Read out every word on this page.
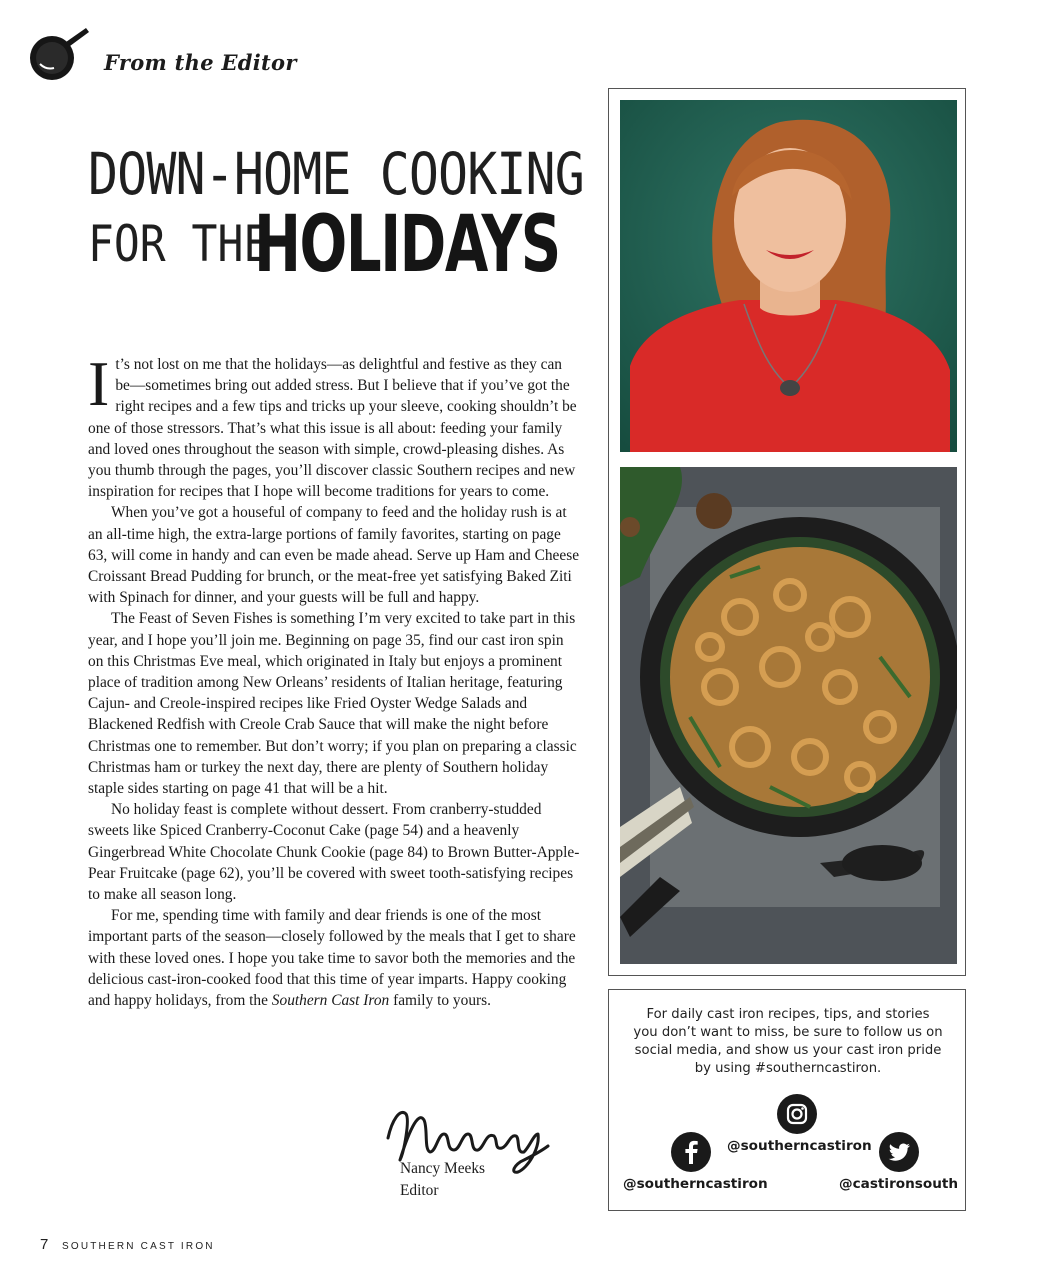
From the Editor
DOWN-HOME COOKING
FOR THE
HOLIDAYS

It’s not lost on me that the holidays—as delightful and festive as they can be—sometimes bring out added stress. But I believe that if you’ve got the right recipes and a few tips and tricks up your sleeve, cooking shouldn’t be one of those stressors. That’s what this issue is all about: feeding your family and loved ones throughout the season with simple, crowd-pleasing dishes. As you thumb through the pages, you’ll discover classic Southern recipes and new inspiration for recipes that I hope will become traditions for years to come.

When you’ve got a houseful of company to feed and the holiday rush is at an all-time high, the extra-large portions of family favorites, starting on page 63, will come in handy and can even be made ahead. Serve up Ham and Cheese Croissant Bread Pudding for brunch, or the meat-free yet satisfying Baked Ziti with Spinach for dinner, and your guests will be full and happy.

The Feast of Seven Fishes is something I’m very excited to take part in this year, and I hope you’ll join me. Beginning on page 35, find our cast iron spin on this Christmas Eve meal, which originated in Italy but enjoys a prominent place of tradition among New Orleans’ residents of Italian heritage, featuring Cajun- and Creole-inspired recipes like Fried Oyster Wedge Salads and Blackened Redfish with Creole Crab Sauce that will make the night before Christmas one to remember. But don’t worry; if you plan on preparing a classic Christmas ham or turkey the next day, there are plenty of Southern holiday staple sides starting on page 41 that will be a hit.

No holiday feast is complete without dessert. From cranberry-studded sweets like Spiced Cranberry-Coconut Cake (page 54) and a heavenly Gingerbread White Chocolate Chunk Cookie (page 84) to Brown Butter-Apple-Pear Fruitcake (page 62), you’ll be covered with sweet tooth-satisfying recipes to make all season long.

For me, spending time with family and dear friends is one of the most important parts of the season—closely followed by the meals that I get to share with these loved ones. I hope you take time to savor both the memories and the delicious cast-iron-cooked food that this time of year imparts. Happy cooking and happy holidays, from the Southern Cast Iron family to yours.

Nancy Meeks
Editor
For daily cast iron recipes, tips, and stories you don’t want to miss, be sure to follow us on social media, and show us your cast iron pride by using #southerncastiron.
@southerncastiron
@southerncastiron	@castironsouth
7 SOUTHERN CAST IRON
